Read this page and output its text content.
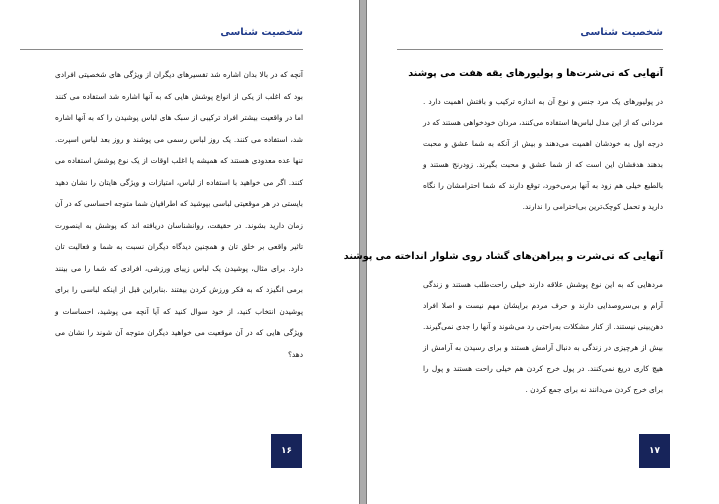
شخصیت شناسی
آنچه که در بالا بدان اشاره شد تفسیرهای دیگران از ویژگی های شخصیتی افرادی بود که اغلب از یکی از انواع پوشش هایی که به آنها اشاره شد استفاده می کنند اما در واقعیت بیشتر افراد ترکیبی از سبک های لباس پوشیدن را که به آنها اشاره شد، استفاده می کنند. یک روز لباس رسمی می پوشند و روز بعد لباس اسپرت. تنها عده معدودی هستند که همیشه یا اغلب اوقات از یک نوع پوشش استفاده می کنند. اگر می خواهید با استفاده از لباس، امتیازات و ویژگی هایتان را نشان دهید بایستی در هر موقعیتی لباسی بپوشید که اطرافیان شما متوجه احساسی که در آن زمان دارید بشوند. در حقیقت، روانشناسان دریافته اند که پوشش به اینصورت تاثیر واقعی بر خلق تان و همچنین دیدگاه دیگران نسبت به شما و فعالیت تان دارد. برای مثال، پوشیدن یک لباس زیبای ورزشی، افرادی که شما را می بینند برمی انگیزد که به فکر ورزش کردن بیفتند .بنابراین قبل از اینکه لباسی را برای پوشیدن انتخاب کنید، از خود سوال کنید که آیا آنچه می پوشید، احساسات و ویژگی هایی که در آن موقعیت می خواهید دیگران متوجه آن شوند را نشان می دهد؟
۱۶
شخصیت شناسی
آنهایی که تی‌شرت‌ها و پولیورهای یقه هفت می پوشند
در پولیورهای یک مرد جنس و نوع آن به اندازه ترکیب و بافتش اهمیت دارد . مردانی که از این مدل لباس‌ها استفاده می‌کنند، مردان خودخواهی هستند که در درجه اول به خودشان اهمیت می‌دهند و بیش از آنکه به شما عشق و محبت بدهند هدفشان این است که از شما عشق و محبت بگیرند. زودرنج هستند و بالطبع خیلی هم زود به آنها برمی‌خورد، توقع دارند که شما احترامشان را نگاه دارید و تحمل کوچک‌ترین بی‌احترامی را ندارند.
آنهایی که تی‌شرت و پیراهن‌های گشاد روی شلوار انداخته می پوشند
مردهایی که به این نوع پوشش علاقه دارند خیلی راحت‌طلب هستند و زندگی آرام و بی‌سروصدایی دارند و حرف مردم برایشان مهم نیست و اصلا افراد دهن‌بینی نیستند. از کنار مشکلات به‌راحتی رد می‌شوند و آنها را جدی نمی‌گیرند. بیش از هرچیزی در زندگی به دنبال آرامش هستند و برای رسیدن به آرامش از هیچ کاری دریغ نمی‌کنند. در پول خرج کردن هم خیلی راحت هستند و پول را برای خرج کردن می‌دانند نه برای جمع کردن .
۱۷
